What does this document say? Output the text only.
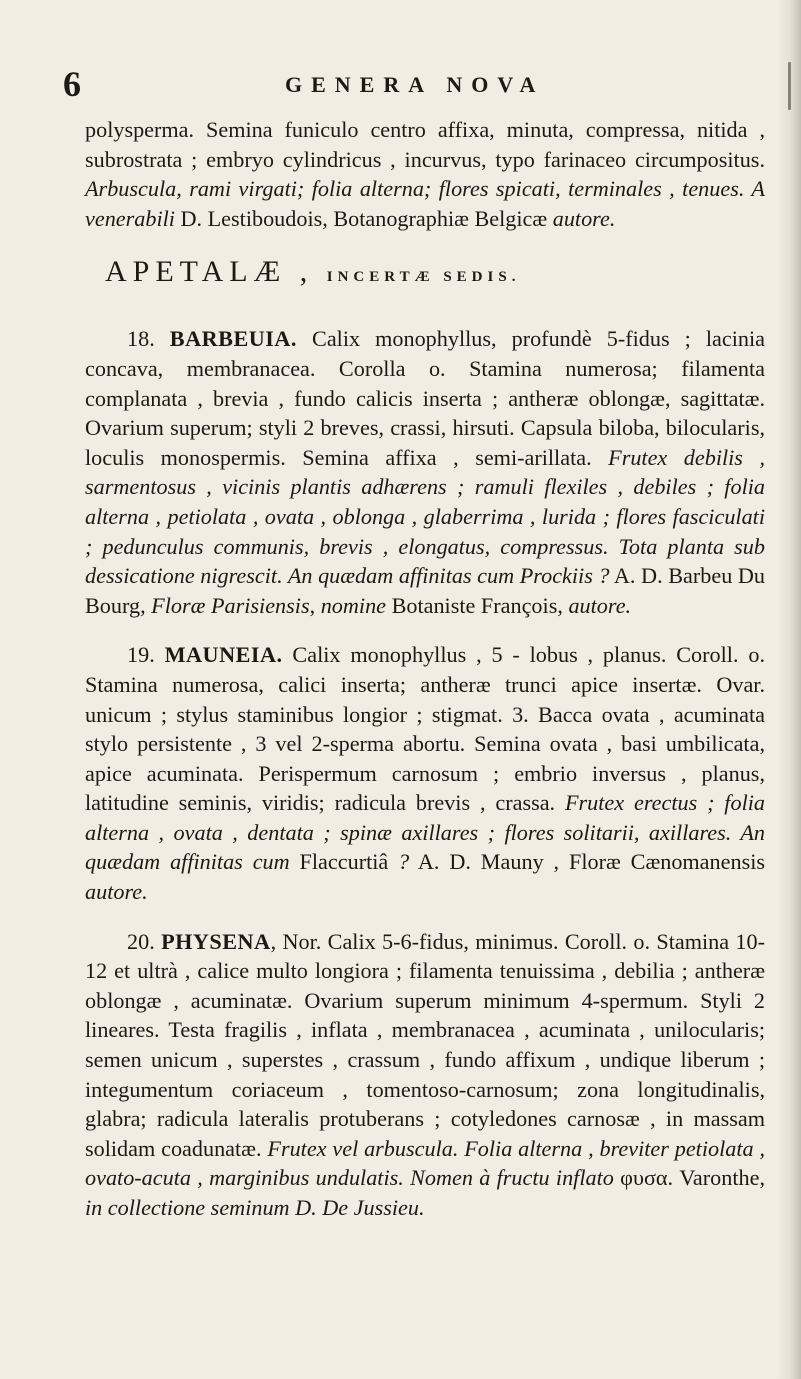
6	GENERA NOVA

polysperma. Semina funiculo centro affixa, minuta, compressa, nitida , subrostrata ; embryo cylindricus , incurvus, typo farinaceo circumpositus. Arbuscula, rami virgati; folia alterna; flores spicati, terminales , tenues. A venerabili D. Lestiboudois, Botanographiæ Belgicæ autore.

APETALÆ , INCERTÆ SEDIS.

18. BARBEUIA. Calix monophyllus, profundè 5-fidus ; lacinia concava, membranacea. Corolla o. Stamina numerosa; filamenta complanata , brevia , fundo calicis inserta ; antheræ oblongæ, sagittatæ. Ovarium superum; styli 2 breves, crassi, hirsuti. Capsula biloba, bilocularis, loculis monospermis. Semina affixa , semi-arillata. Frutex debilis , sarmentosus , vicinis plantis adhærens ; ramuli flexiles , debiles ; folia alterna , petiolata , ovata , oblonga , glaberrima , lurida ; flores fasciculati ; pedunculus communis, brevis , elongatus, compressus. Tota planta sub dessicatione nigrescit. An quædam affinitas cum Prockiis ? A. D. Barbeu Du Bourg, Floræ Parisiensis, nomine Botaniste François, autore.

19. MAUNEIA. Calix monophyllus , 5 - lobus , planus. Coroll. o. Stamina numerosa, calici inserta; antheræ trunci apice insertæ. Ovar. unicum ; stylus staminibus longior ; stigmat. 3. Bacca ovata , acuminata stylo persistente , 3 vel 2-sperma abortu. Semina ovata , basi umbilicata, apice acuminata. Perispermum carnosum ; embrio inversus , planus, latitudine seminis, viridis; radicula brevis , crassa. Frutex erectus ; folia alterna , ovata , dentata ; spinæ axillares ; flores solitarii, axillares. An quædam affinitas cum Flaccurtiâ ? A. D. Mauny , Floræ Cænomanensis autore.

20. PHYSENA, Nor. Calix 5-6-fidus, minimus. Coroll. o. Stamina 10-12 et ultrà , calice multo longiora ; filamenta tenuissima , debilia ; antheræ oblongæ , acuminatæ. Ovarium superum minimum 4-spermum. Styli 2 lineares. Testa fragilis , inflata , membranacea , acuminata , unilocularis; semen unicum , superstes , crassum , fundo affixum , undique liberum ; integumentum coriaceum , tomentoso-carnosum; zona longitudinalis, glabra; radicula lateralis protuberans ; cotyledones carnosæ , in massam solidam coadunatæ. Frutex vel arbuscula. Folia alterna , breviter petiolata , ovato-acuta , marginibus undulatis. Nomen à fructu inflato φυσα. Varonthe, in collectione seminum D. De Jussieu.
